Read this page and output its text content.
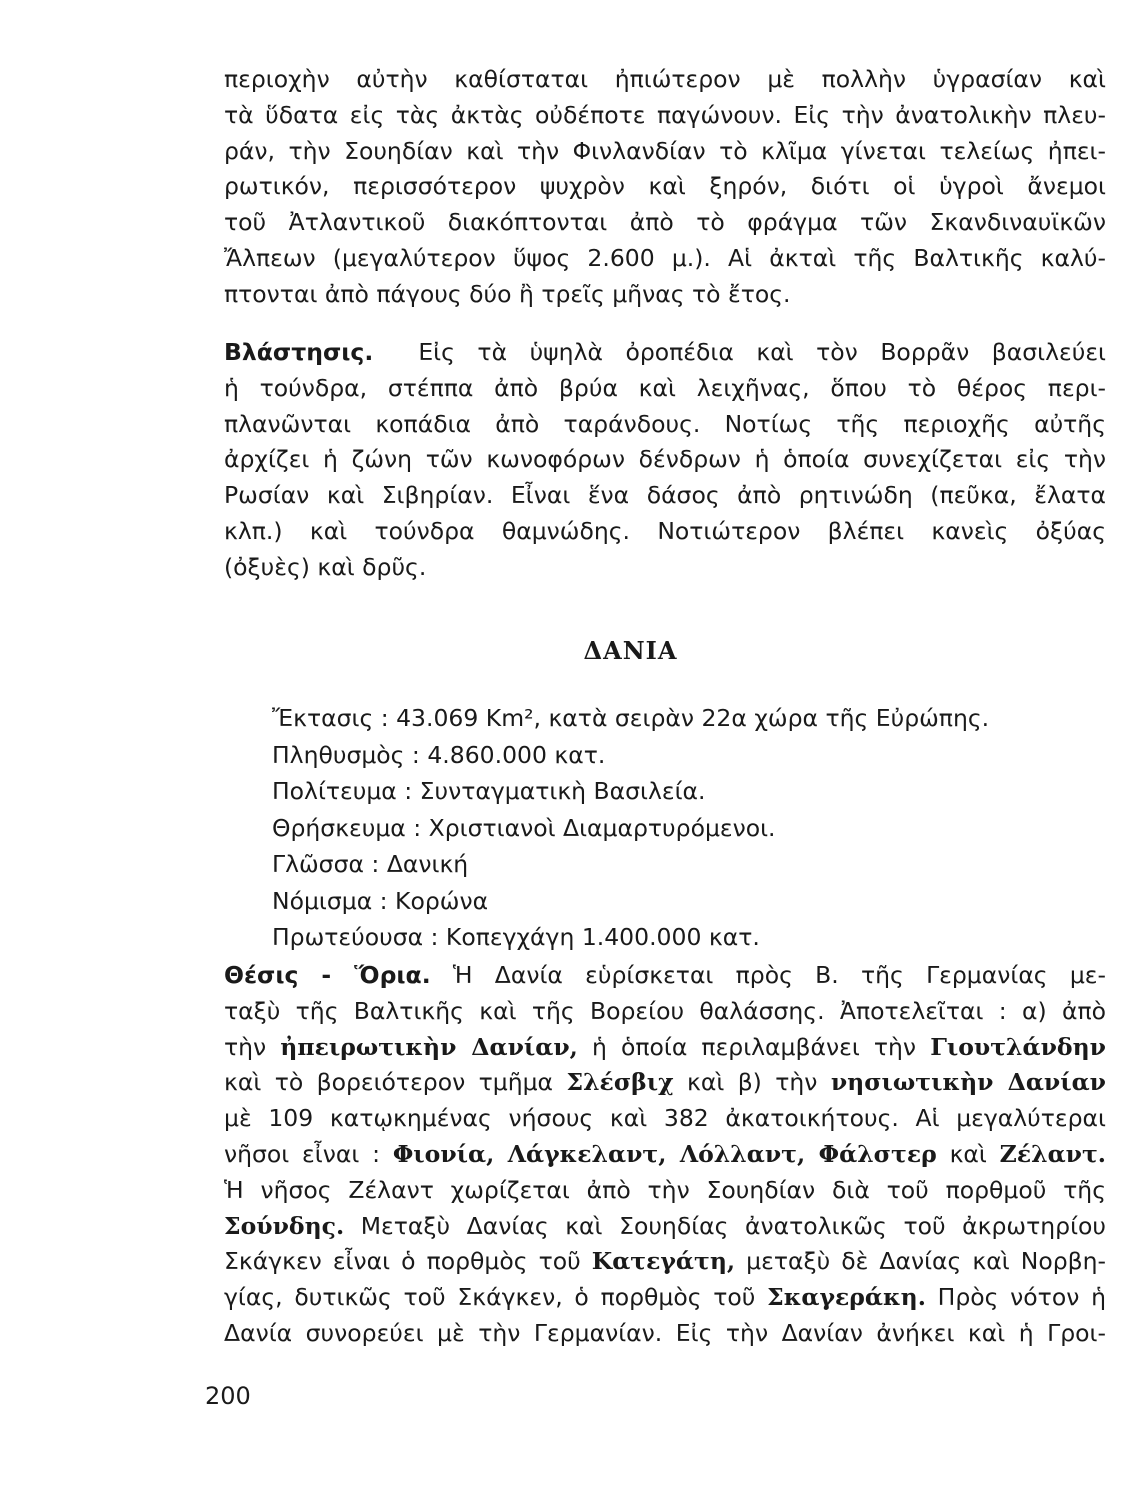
περιοχὴν αὐτὴν καθίσταται ἠπιώτερον μὲ πολλὴν ὑγρασίαν καὶ
τὰ ὕδατα εἰς τὰς ἀκτὰς οὐδέποτε παγώνουν. Εἰς τὴν ἀνατολικὴν πλευ-
ράν, τὴν Σουηδίαν καὶ τὴν Φινλανδίαν τὸ κλῖμα γίνεται τελείως ἠπει-
ρωτικόν, περισσότερον ψυχρὸν καὶ ξηρόν, διότι οἱ ὑγροὶ ἄνεμοι
τοῦ Ἀτλαντικοῦ διακόπτονται ἀπὸ τὸ φράγμα τῶν Σκανδιναυϊκῶν
Ἄλπεων (μεγαλύτερον ὕψος 2.600 μ.). Αἱ ἀκταὶ τῆς Βαλτικῆς καλύ-
πτονται ἀπὸ πάγους δύο ἢ τρεῖς μῆνας τὸ ἔτος.
Βλάστησις. Εἰς τὰ ὑψηλὰ ὀροπέδια καὶ τὸν Βορρᾶν βασιλεύει
ἡ τούνδρα, στέππα ἀπὸ βρύα καὶ λειχῆνας, ὅπου τὸ θέρος περι-
πλανῶνται κοπάδια ἀπὸ ταράνδους. Νοτίως τῆς περιοχῆς αὐτῆς
ἀρχίζει ἡ ζώνη τῶν κωνοφόρων δένδρων ἡ ὁποία συνεχίζεται εἰς τὴν
Ρωσίαν καὶ Σιβηρίαν. Εἶναι ἕνα δάσος ἀπὸ ρητινώδη (πεῦκα, ἔλατα
κλπ.) καὶ τούνδρα θαμνώδης. Νοτιώτερον βλέπει κανεὶς ὀξύας
(ὀξυὲς) καὶ δρῦς.
ΔΑΝΙΑ
Ἔκτασις : 43.069 Km², κατὰ σειρὰν 22α χώρα τῆς Εὐρώπης.
Πληθυσμὸς : 4.860.000 κατ.
Πολίτευμα : Συνταγματικὴ Βασιλεία.
Θρήσκευμα : Χριστιανοὶ Διαμαρτυρόμενοι.
Γλῶσσα : Δανική
Νόμισμα : Κορώνα
Πρωτεύουσα : Κοπεγχάγη 1.400.000 κατ.
Θέσις - Ὅρια. Ἡ Δανία εὑρίσκεται πρὸς Β. τῆς Γερμανίας με-
ταξὺ τῆς Βαλτικῆς καὶ τῆς Βορείου θαλάσσης. Ἀποτελεῖται : α) ἀπὸ
τὴν ἠπειρωτικὴν Δανίαν, ἡ ὁποία περιλαμβάνει τὴν Γιουτλάνδην
καὶ τὸ βορειότερον τμῆμα Σλέσβιχ καὶ β) τὴν νησιωτικὴν Δανίαν
μὲ 109 κατῳκημένας νήσους καὶ 382 ἀκατοικήτους. Αἱ μεγαλύτεραι
νῆσοι εἶναι : Φιονία, Λάγκελαντ, Λόλλαντ, Φάλστερ καὶ Ζέλαντ.
Ἡ νῆσος Ζέλαντ χωρίζεται ἀπὸ τὴν Σουηδίαν διὰ τοῦ πορθμοῦ τῆς
Σούνδης. Μεταξὺ Δανίας καὶ Σουηδίας ἀνατολικῶς τοῦ ἀκρωτηρίου
Σκάγκεν εἶναι ὁ πορθμὸς τοῦ Κατεγάτη, μεταξὺ δὲ Δανίας καὶ Νορβη-
γίας, δυτικῶς τοῦ Σκάγκεν, ὁ πορθμὸς τοῦ Σκαγεράκη. Πρὸς νότον ἡ
Δανία συνορεύει μὲ τὴν Γερμανίαν. Εἰς τὴν Δανίαν ἀνήκει καὶ ἡ Γροι-
200
